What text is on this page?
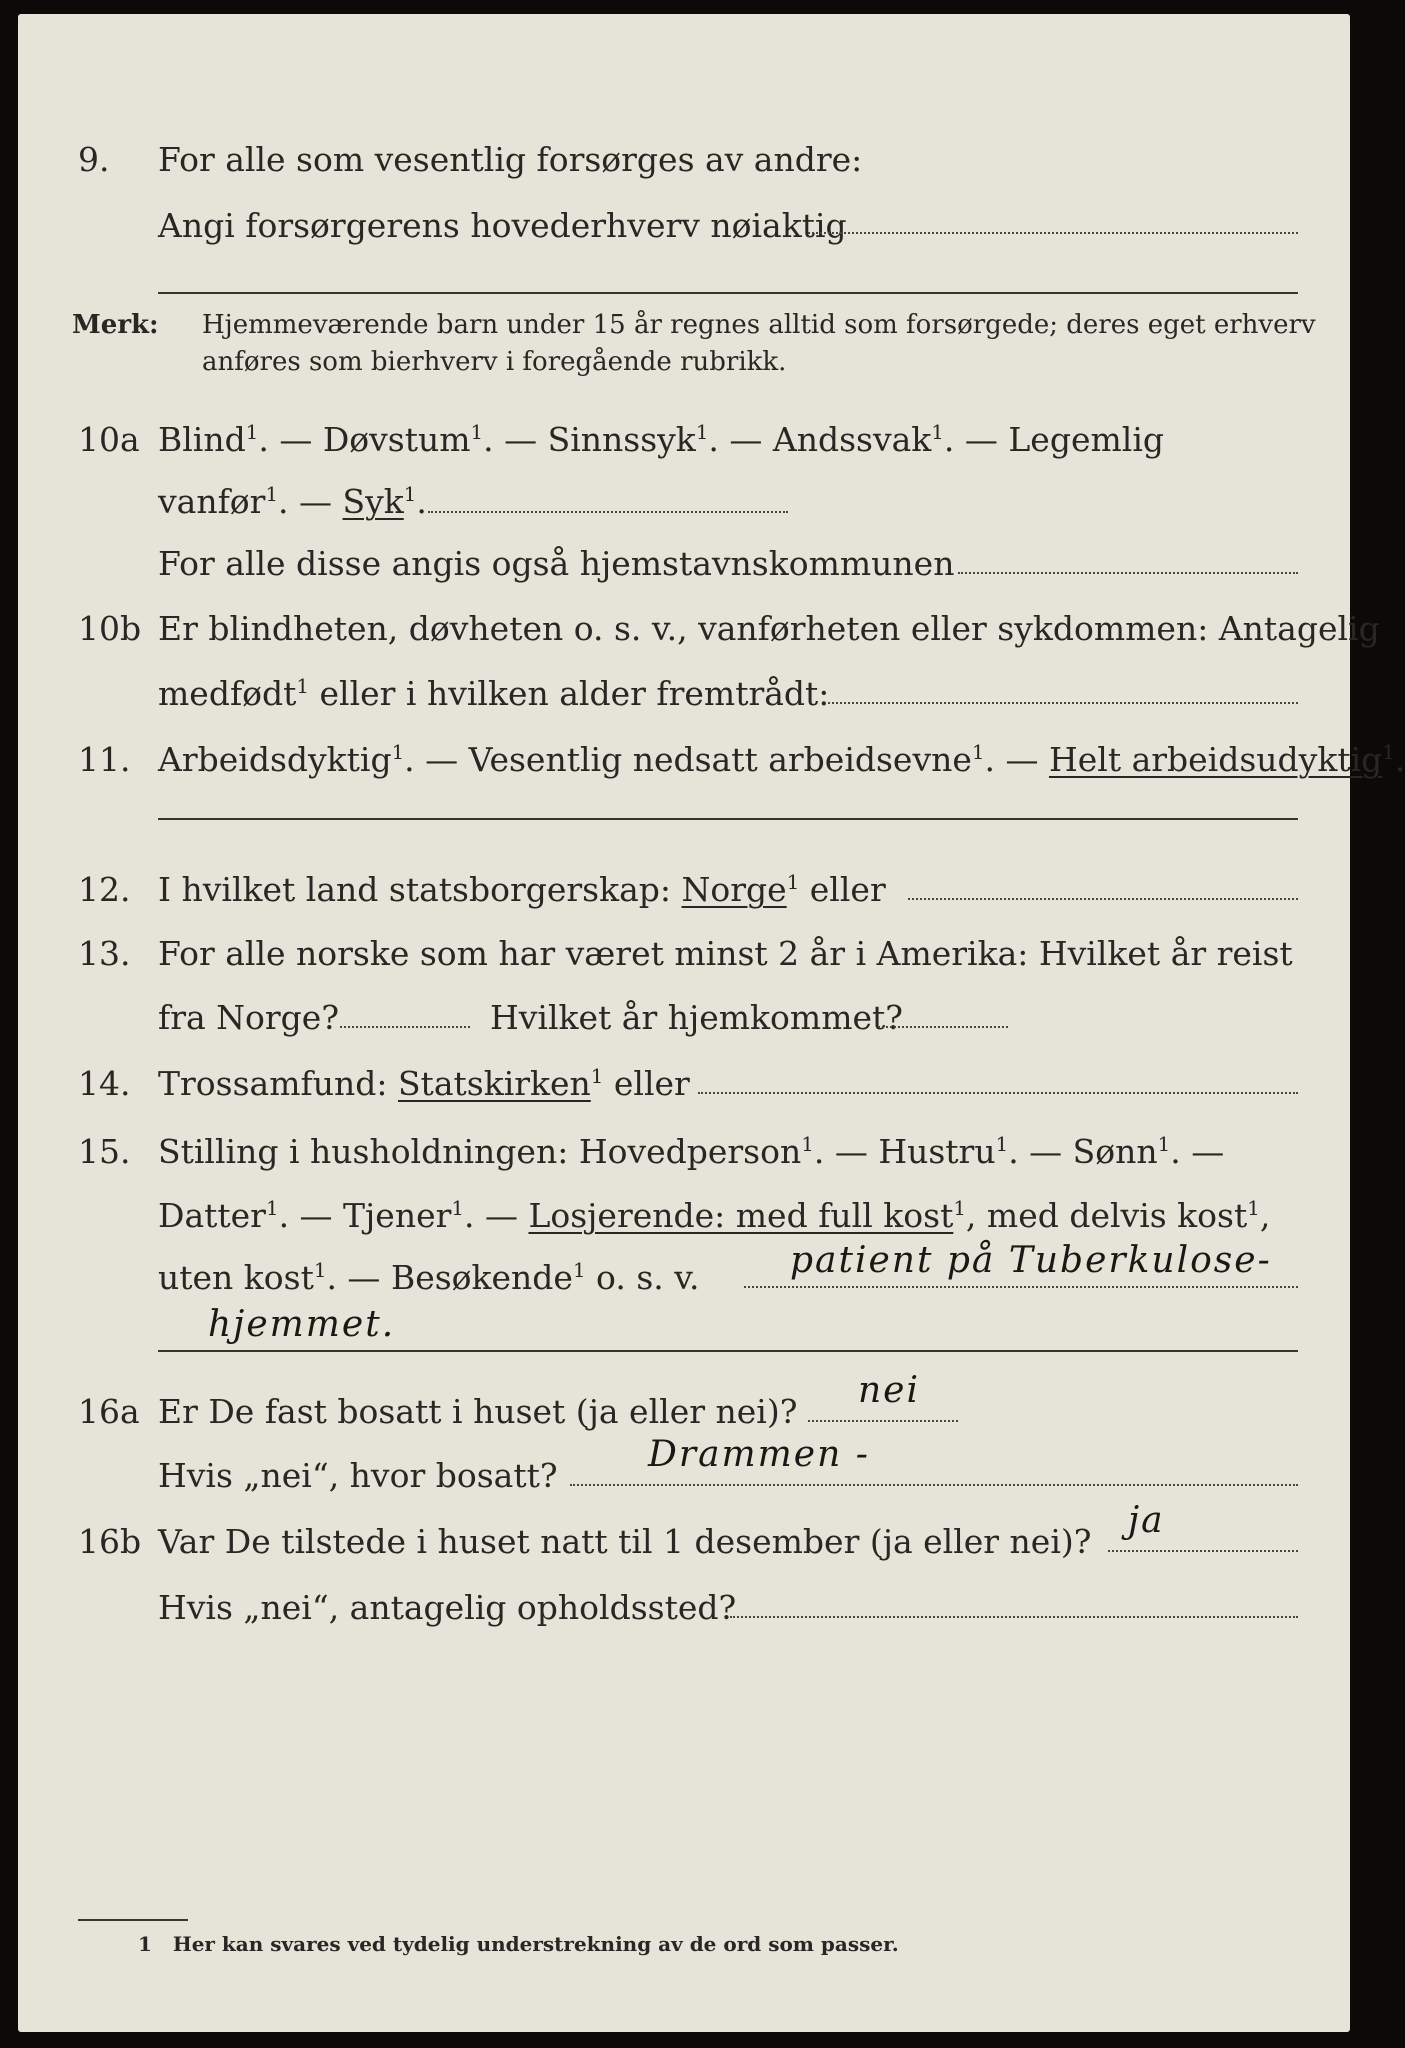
9. For alle som vesentlig forsørges av andre:
Angi forsørgerens hovederhverv nøiaktig
Merk: Hjemmeværende barn under 15 år regnes alltid som forsørgede; deres eget erhverv
anføres som bierhverv i foregående rubrikk.
10a Blind$^1$. — Døvstum$^1$. — Sinnssyk$^1$. — Andssvak$^1$. — Legemlig
vanfør$^1$. — Syk$^1$.
For alle disse angis også hjemstavnskommunen
10b Er blindheten, døvheten o. s. v., vanførheten eller sykdommen: Antagelig
medfødt$^1$ eller i hvilken alder fremtrådt:
11. Arbeidsdyktig$^1$. — Vesentlig nedsatt arbeidsevne$^1$. — Helt arbeidsudyktig$^1$.
12. I hvilket land statsborgerskap: Norge$^1$ eller
13. For alle norske som har været minst 2 år i Amerika: Hvilket år reist
fra Norge?	Hvilket år hjemkommet?
14. Trossamfund: Statskirken$^1$ eller
15. Stilling i husholdningen: Hovedperson$^1$. — Hustru$^1$. — Sønn$^1$. —
Datter$^1$. — Tjener$^1$. — Losjerende: med full kost$^1$, med delvis kost$^1$,
uten kost$^1$. — Besøkende$^1$ o. s. v.	patient på Tuberkulose-
hjemmet.
16a Er De fast bosatt i huset (ja eller nei)?
nei
Hvis „nei“, hvor bosatt?
Drammen -
16b Var De tilstede i huset natt til 1 desember (ja eller nei)?
ja
Hvis „nei“, antagelig opholdssted?
1 Her kan svares ved tydelig understrekning av de ord som passer.
